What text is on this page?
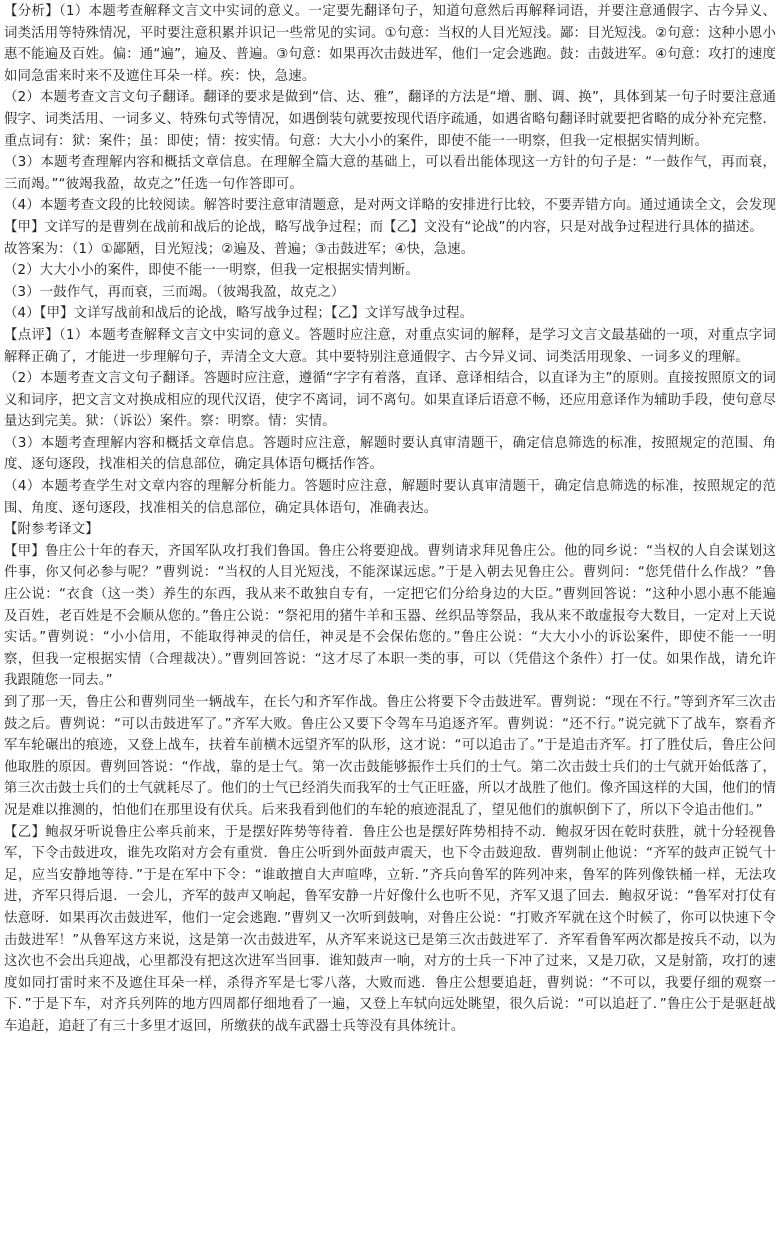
【分析】（1）本题考查解释文言文中实词的意义。一定要先翻译句子，知道句意然后再解释词语，并要注意通假字、古今异义、词类活用等特殊情况，平时要注意积累并识记一些常见的实词。①句意：当权的人目光短浅。鄙：目光短浅。②句意：这种小恩小惠不能遍及百姓。偏：通“遍”，遍及、普遍。③句意：如果再次击鼓进军，他们一定会逃跑。鼓：击鼓进军。④句意：攻打的速度如同急雷来时来不及遮住耳朵一样。疾：快，急速。

（2）本题考查文言文句子翻译。翻译的要求是做到“信、达、雅”，翻译的方法是“增、删、调、换”，具体到某一句子时要注意通假字、词类活用、一词多义、特殊句式等情况，如遇倒装句就要按现代语序疏通，如遇省略句翻译时就要把省略的成分补充完整．重点词有：狱：案件；虽：即使；情：按实情。句意：大大小小的案件，即使不能一一明察，但我一定根据实情判断。

（3）本题考查理解内容和概括文章信息。在理解全篇大意的基础上，可以看出能体现这一方针的句子是：“一鼓作气，再而衰，三而竭。”“彼竭我盈，故克之”任选一句作答即可。

（4）本题考查文段的比较阅读。解答时要注意审清题意，是对两文详略的安排进行比较，不要弄错方向。通过通读全文，会发现【甲】文详写的是曹刿在战前和战后的论战，略写战争过程；而【乙】文没有“论战”的内容，只是对战争过程进行具体的描述。

故答案为：（1）①鄙陋，目光短浅；②遍及、普遍；③击鼓进军；④快，急速。

（2）大大小小的案件，即使不能一一明察，但我一定根据实情判断。

（3）一鼓作气，再而衰，三而竭。（彼竭我盈，故克之）

（4）【甲】文详写战前和战后的论战，略写战争过程；【乙】文详写战争过程。

【点评】（1）本题考查解释文言文中实词的意义。答题时应注意，对重点实词的解释，是学习文言文最基础的一项，对重点字词解释正确了，才能进一步理解句子，弄清全文大意。其中要特别注意通假字、古今异义词、词类活用现象、一词多义的理解。

（2）本题考查文言文句子翻译。答题时应注意，遵循“字字有着落，直译、意译相结合，以直译为主”的原则。直接按照原文的词义和词序，把文言文对换成相应的现代汉语，使字不离词，词不离句。如果直译后语意不畅，还应用意译作为辅助手段，使句意尽量达到完美。狱：（诉讼）案件。察：明察。情：实情。

（3）本题考查理解内容和概括文章信息。答题时应注意，解题时要认真审清题干，确定信息筛选的标准，按照规定的范围、角度、逐句逐段，找准相关的信息部位，确定具体语句概括作答。

（4）本题考查学生对文章内容的理解分析能力。答题时应注意，解题时要认真审清题干，确定信息筛选的标准，按照规定的范围、角度、逐句逐段，找准相关的信息部位，确定具体语句，准确表达。

【附参考译文】

【甲】鲁庄公十年的春天，齐国军队攻打我们鲁国。鲁庄公将要迎战。曹刿请求拜见鲁庄公。他的同乡说：“当权的人自会谋划这件事，你又何必参与呢？”曹刿说：“当权的人目光短浅，不能深谋远虑。”于是入朝去见鲁庄公。曹刿问：“您凭借什么作战？”鲁庄公说：“衣食（这一类）养生的东西，我从来不敢独自专有，一定把它们分给身边的大臣。”曹刿回答说：“这种小恩小惠不能遍及百姓，老百姓是不会顺从您的。”鲁庄公说：“祭祀用的猪牛羊和玉器、丝织品等祭品，我从来不敢虚报夸大数目，一定对上天说实话。”曹刿说：“小小信用，不能取得神灵的信任，神灵是不会保佑您的。”鲁庄公说：“大大小小的诉讼案件，即使不能一一明察，但我一定根据实情（合理裁决）。”曹刿回答说：“这才尽了本职一类的事，可以（凭借这个条件）打一仗。如果作战，请允许我跟随您一同去。”

到了那一天，鲁庄公和曹刿同坐一辆战车，在长勺和齐军作战。鲁庄公将要下令击鼓进军。曹刿说：“现在不行。”等到齐军三次击鼓之后。曹刿说：“可以击鼓进军了。”齐军大败。鲁庄公又要下令驾车马追逐齐军。曹刿说：“还不行。”说完就下了战车，察看齐军车轮碾出的痕迹，又登上战车，扶着车前横木远望齐军的队形，这才说：“可以追击了。”于是追击齐军。打了胜仗后，鲁庄公问他取胜的原因。曹刿回答说：“作战，靠的是士气。第一次击鼓能够振作士兵们的士气。第二次击鼓士兵们的士气就开始低落了，第三次击鼓士兵们的士气就耗尽了。他们的士气已经消失而我军的士气正旺盛，所以才战胜了他们。像齐国这样的大国，他们的情况是难以推测的，怕他们在那里设有伏兵。后来我看到他们的车轮的痕迹混乱了，望见他们的旗帜倒下了，所以下令追击他们。”

【乙】鲍叔牙听说鲁庄公率兵前来，于是摆好阵势等待着．鲁庄公也是摆好阵势相持不动．鲍叔牙因在乾时获胜，就十分轻视鲁军，下令击鼓进攻，谁先攻陷对方会有重赏．鲁庄公听到外面鼓声震天，也下令击鼓迎敌．曹刿制止他说：“齐军的鼓声正锐气十足，应当安静地等待．”于是在军中下令：“谁敢擅自大声喧哗，立斩．”齐兵向鲁军的阵列冲来，鲁军的阵列像铁桶一样，无法攻进，齐军只得后退．一会儿，齐军的鼓声又响起，鲁军安静一片好像什么也听不见，齐军又退了回去．鲍叔牙说：“鲁军对打仗有怯意呀．如果再次击鼓进军，他们一定会逃跑．”曹刿又一次听到鼓响，对鲁庄公说：“打败齐军就在这个时候了，你可以快速下令击鼓进军！”从鲁军这方来说，这是第一次击鼓进军，从齐军来说这已是第三次击鼓进军了．齐军看鲁军两次都是按兵不动，以为这次也不会出兵迎战，心里都没有把这次进军当回事．谁知鼓声一响，对方的士兵一下冲了过来，又是刀砍，又是射箭，攻打的速度如同打雷时来不及遮住耳朵一样，杀得齐军是七零八落，大败而逃．鲁庄公想要追赶，曹刿说：“不可以，我要仔细的观察一下．”于是下车，对齐兵列阵的地方四周都仔细地看了一遍，又登上车轼向远处眺望，很久后说：“可以追赶了．”鲁庄公于是驱赶战车追赶，追赶了有三十多里才返回，所缴获的战车武器士兵等没有具体统计。
